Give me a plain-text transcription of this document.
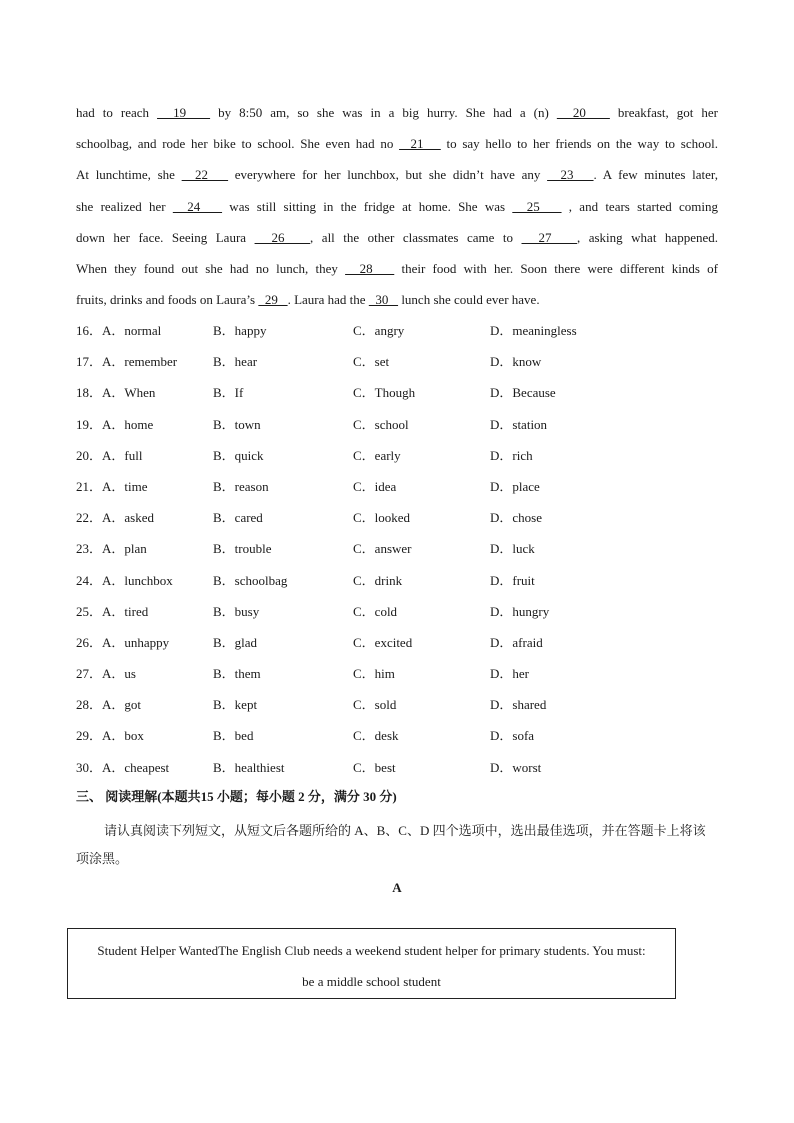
had to reach   19    by 8:50 am, so she was in a big hurry. She had a (n)   20    breakfast, got her
schoolbag, and rode her bike to school. She even had no   21    to say hello to her friends on the way to school.
At lunchtime, she   22    everywhere for her lunchbox, but she didn’t have any   23   . A few minutes later,
she realized her   24    was still sitting in the fridge at home. She was   25    , and tears started coming
down her face. Seeing Laura   26   , all the other classmates came to   27   , asking what happened.
When they found out she had no lunch, they   28    their food with her. Soon there were different kinds of
fruits, drinks and foods on Laura’s   29   . Laura had the   30    lunch she could ever have.
16．A．normal	B．happy	C．angry	D．meaningless
17．A．remember	B．hear	C．set	D．know
18．A．When	B．If	C．Though	D．Because
19．A．home	B．town	C．school	D．station
20．A．full	B．quick	C．early	D．rich
21．A．time	B．reason	C．idea	D．place
22．A．asked	B．cared	C．looked	D．chose
23．A．plan	B．trouble	C．answer	D．luck
24．A．lunchbox	B．schoolbag	C．drink	D．fruit
25．A．tired	B．busy	C．cold	D．hungry
26．A．unhappy	B．glad	C．excited	D．afraid
27．A．us	B．them	C．him	D．her
28．A．got	B．kept	C．sold	D．shared
29．A．box	B．bed	C．desk	D．sofa
30．A．cheapest	B．healthiest	C．best	D．worst
三、 阅读理解(本题共15 小题；每小题 2 分，满分 30 分)
请认真阅读下列短文，从短文后各题所给的 A、B、C、D 四个选项中，选出最佳选项，并在答题卡上将该项涂黑。
A
Student Helper WantedThe English Club needs a weekend student helper for primary students. You must:
be a middle school student
